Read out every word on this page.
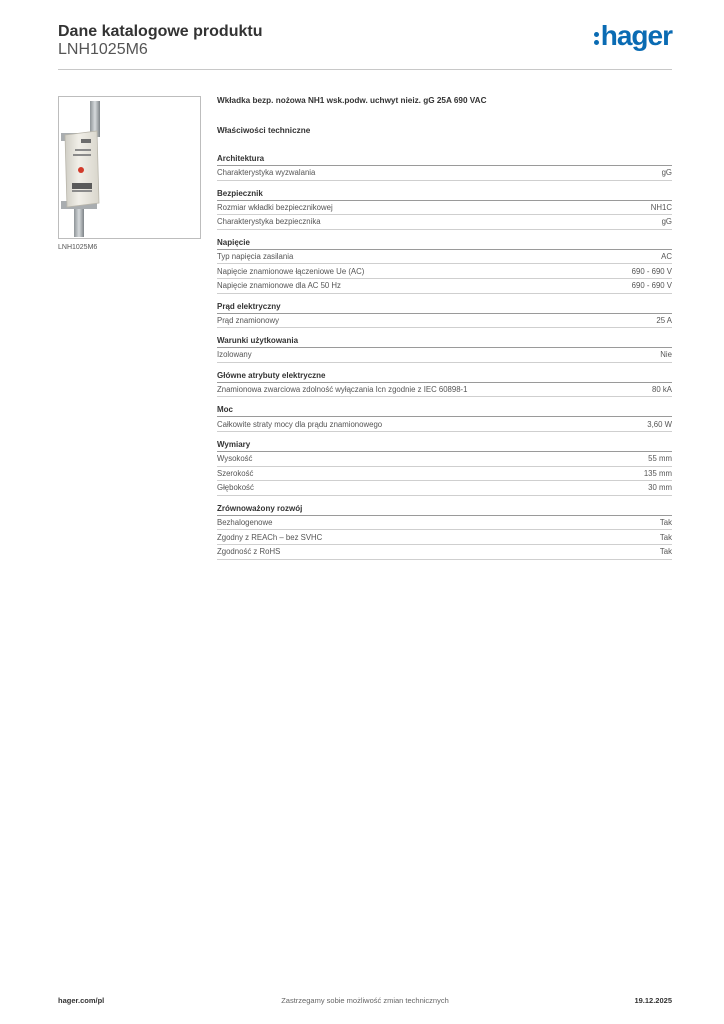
Dane katalogowe produktu
LNH1025M6	hager
LNH1025M6
Wkładka bezp. nożowa NH1 wsk.podw. uchwyt nieiz. gG 25A 690 VAC
Właściwości techniczne
Architektura
Charakterystyka wyzwalania	gG
Bezpiecznik
Rozmiar wkładki bezpiecznikowej	NH1C
Charakterystyka bezpiecznika	gG
Napięcie
Typ napięcia zasilania	AC
Napięcie znamionowe łączeniowe Ue (AC)	690 - 690 V
Napięcie znamionowe dla AC 50 Hz	690 - 690 V
Prąd elektryczny
Prąd znamionowy	25 A
Warunki użytkowania
Izolowany	Nie
Główne atrybuty elektryczne
Znamionowa zwarciowa zdolność wyłączania Icn zgodnie z IEC 60898-1	80 kA
Moc
Całkowite straty mocy dla prądu znamionowego	3,60 W
Wymiary
Wysokość	55 mm
Szerokość	135 mm
Głębokość	30 mm
Zrównoważony rozwój
Bezhalogenowe	Tak
Zgodny z REACh – bez SVHC	Tak
Zgodność z RoHS	Tak
hager.com/pl	Zastrzegamy sobie możliwość zmian technicznych	19.12.2025
